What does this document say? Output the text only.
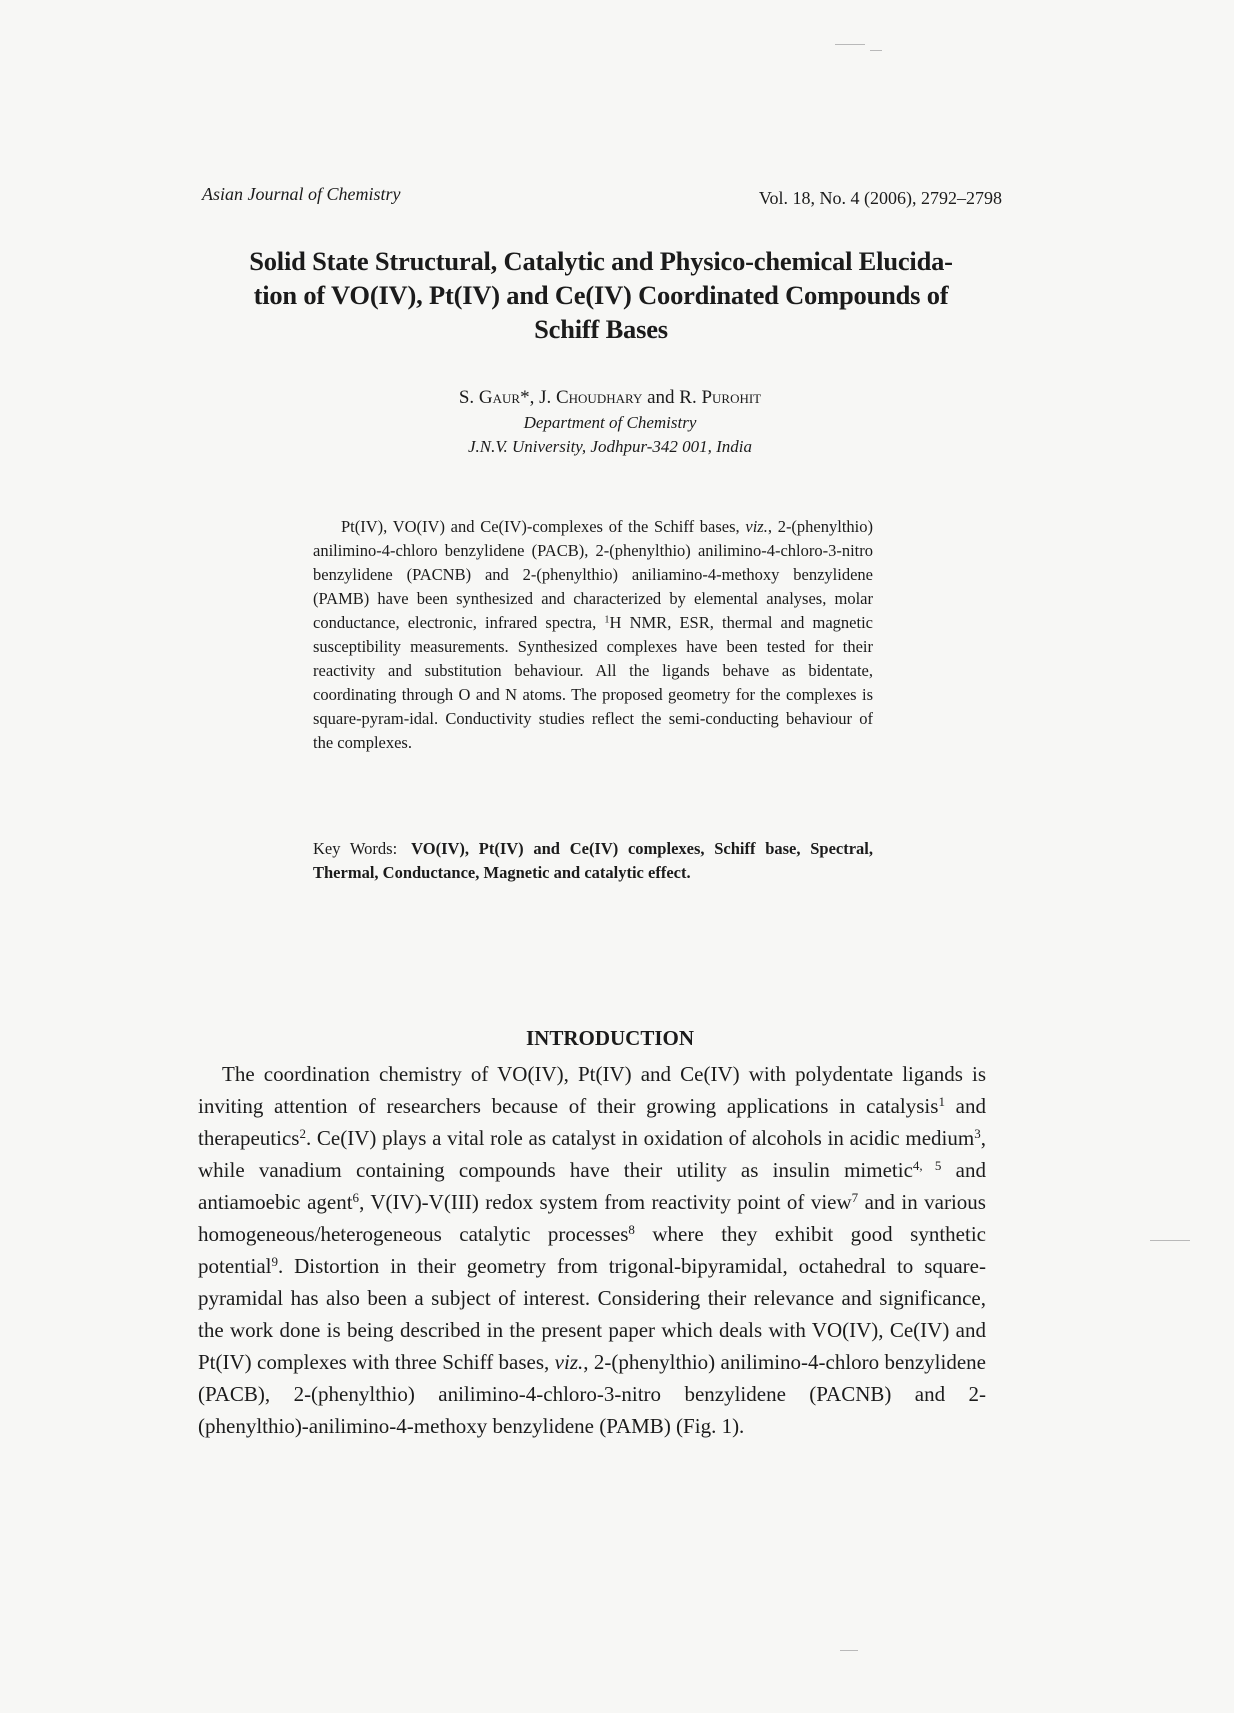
Asian Journal of Chemistry	Vol. 18, No. 4 (2006), 2792–2798
Solid State Structural, Catalytic and Physico-chemical Elucida-
tion of VO(IV), Pt(IV) and Ce(IV) Coordinated Compounds of
Schiff Bases
S. Gaur*, J. Choudhary and R. Purohit
Department of Chemistry
J.N.V. University, Jodhpur-342 001, India

Pt(IV), VO(IV) and Ce(IV)-complexes of the Schiff bases, viz., 2-(phenylthio) anilimino-4-chloro benzylidene (PACB), 2-(phenylthio) anilimino-4-chloro-3-nitro benzylidene (PACNB) and 2-(phenylthio) aniliamino-4-methoxy benzylidene (PAMB) have been synthesized and characterized by elemental analyses, molar conductance, electronic, infrared spectra, $^1$H NMR, ESR, thermal and magnetic susceptibility measurements. Synthesized complexes have been tested for their reactivity and substitution behaviour. All the ligands behave as bidentate, coordinating through O and N atoms. The proposed geometry for the complexes is square-pyram-idal. Conductivity studies reflect the semi-conducting behaviour of the complexes.

Key Words: VO(IV), Pt(IV) and Ce(IV) complexes, Schiff base, Spectral, Thermal, Conductance, Magnetic and catalytic effect.

INTRODUCTION

The coordination chemistry of VO(IV), Pt(IV) and Ce(IV) with polydentate ligands is inviting attention of researchers because of their growing applications in catalysis$^1$ and therapeutics$^2$. Ce(IV) plays a vital role as catalyst in oxidation of alcohols in acidic medium$^3$, while vanadium containing compounds have their utility as insulin mimetic$^{4, 5}$ and antiamoebic agent$^6$, V(IV)-V(III) redox system from reactivity point of view$^7$ and in various homogeneous/heterogeneous catalytic processes$^8$ where they exhibit good synthetic potential$^9$. Distortion in their geometry from trigonal-bipyramidal, octahedral to square-pyramidal has also been a subject of interest. Considering their relevance and significance, the work done is being described in the present paper which deals with VO(IV), Ce(IV) and Pt(IV) complexes with three Schiff bases, viz., 2-(phenylthio) anilimino-4-chloro benzylidene (PACB), 2-(phenylthio) anilimino-4-chloro-3-nitro benzylidene (PACNB) and 2-(phenylthio)-anilimino-4-methoxy benzylidene (PAMB) (Fig. 1).
